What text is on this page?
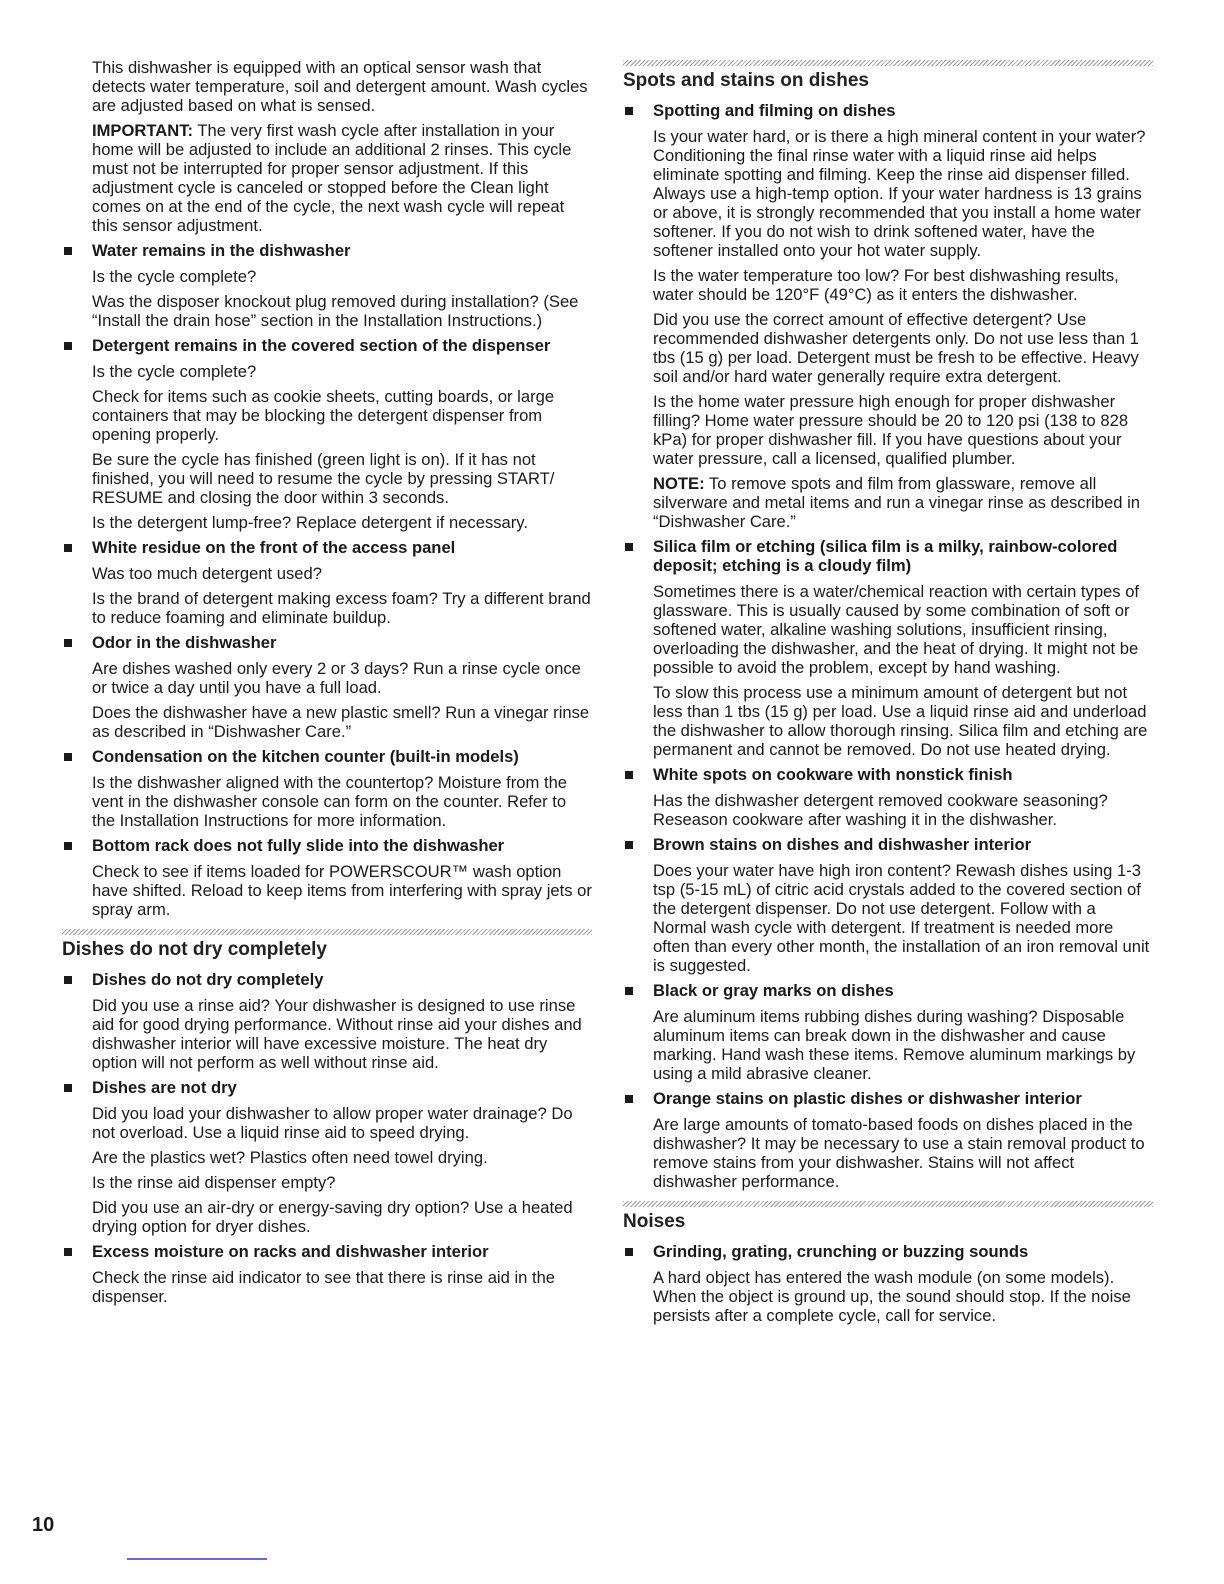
This dishwasher is equipped with an optical sensor wash that detects water temperature, soil and detergent amount. Wash cycles are adjusted based on what is sensed.

IMPORTANT: The very first wash cycle after installation in your home will be adjusted to include an additional 2 rinses. This cycle must not be interrupted for proper sensor adjustment. If this adjustment cycle is canceled or stopped before the Clean light comes on at the end of the cycle, the next wash cycle will repeat this sensor adjustment.

Water remains in the dishwasher

Is the cycle complete?

Was the disposer knockout plug removed during installation? (See “Install the drain hose” section in the Installation Instructions.)

Detergent remains in the covered section of the dispenser

Is the cycle complete?

Check for items such as cookie sheets, cutting boards, or large containers that may be blocking the detergent dispenser from opening properly.

Be sure the cycle has finished (green light is on). If it has not finished, you will need to resume the cycle by pressing START/ RESUME and closing the door within 3 seconds.

Is the detergent lump-free? Replace detergent if necessary.

White residue on the front of the access panel

Was too much detergent used?

Is the brand of detergent making excess foam? Try a different brand to reduce foaming and eliminate buildup.

Odor in the dishwasher

Are dishes washed only every 2 or 3 days? Run a rinse cycle once or twice a day until you have a full load.

Does the dishwasher have a new plastic smell? Run a vinegar rinse as described in “Dishwasher Care.”

Condensation on the kitchen counter (built-in models)

Is the dishwasher aligned with the countertop? Moisture from the vent in the dishwasher console can form on the counter. Refer to the Installation Instructions for more information.

Bottom rack does not fully slide into the dishwasher

Check to see if items loaded for POWERSCOUR™ wash option have shifted. Reload to keep items from interfering with spray jets or spray arm.

Dishes do not dry completely

Dishes do not dry completely

Did you use a rinse aid? Your dishwasher is designed to use rinse aid for good drying performance. Without rinse aid your dishes and dishwasher interior will have excessive moisture. The heat dry option will not perform as well without rinse aid.

Dishes are not dry

Did you load your dishwasher to allow proper water drainage? Do not overload. Use a liquid rinse aid to speed drying.

Are the plastics wet? Plastics often need towel drying.

Is the rinse aid dispenser empty?

Did you use an air-dry or energy-saving dry option? Use a heated drying option for dryer dishes.

Excess moisture on racks and dishwasher interior

Check the rinse aid indicator to see that there is rinse aid in the dispenser.

Spots and stains on dishes

Spotting and filming on dishes

Is your water hard, or is there a high mineral content in your water? Conditioning the final rinse water with a liquid rinse aid helps eliminate spotting and filming. Keep the rinse aid dispenser filled. Always use a high-temp option. If your water hardness is 13 grains or above, it is strongly recommended that you install a home water softener. If you do not wish to drink softened water, have the softener installed onto your hot water supply.

Is the water temperature too low? For best dishwashing results, water should be 120°F (49°C) as it enters the dishwasher.

Did you use the correct amount of effective detergent? Use recommended dishwasher detergents only. Do not use less than 1 tbs (15 g) per load. Detergent must be fresh to be effective. Heavy soil and/or hard water generally require extra detergent.

Is the home water pressure high enough for proper dishwasher filling? Home water pressure should be 20 to 120 psi (138 to 828 kPa) for proper dishwasher fill. If you have questions about your water pressure, call a licensed, qualified plumber.

NOTE: To remove spots and film from glassware, remove all silverware and metal items and run a vinegar rinse as described in “Dishwasher Care.”

Silica film or etching (silica film is a milky, rainbow-colored deposit; etching is a cloudy film)

Sometimes there is a water/chemical reaction with certain types of glassware. This is usually caused by some combination of soft or softened water, alkaline washing solutions, insufficient rinsing, overloading the dishwasher, and the heat of drying. It might not be possible to avoid the problem, except by hand washing.

To slow this process use a minimum amount of detergent but not less than 1 tbs (15 g) per load. Use a liquid rinse aid and underload the dishwasher to allow thorough rinsing. Silica film and etching are permanent and cannot be removed. Do not use heated drying.

White spots on cookware with nonstick finish

Has the dishwasher detergent removed cookware seasoning? Reseason cookware after washing it in the dishwasher.

Brown stains on dishes and dishwasher interior

Does your water have high iron content? Rewash dishes using 1-3 tsp (5-15 mL) of citric acid crystals added to the covered section of the detergent dispenser. Do not use detergent. Follow with a Normal wash cycle with detergent. If treatment is needed more often than every other month, the installation of an iron removal unit is suggested.

Black or gray marks on dishes

Are aluminum items rubbing dishes during washing? Disposable aluminum items can break down in the dishwasher and cause marking. Hand wash these items. Remove aluminum markings by using a mild abrasive cleaner.

Orange stains on plastic dishes or dishwasher interior

Are large amounts of tomato-based foods on dishes placed in the dishwasher? It may be necessary to use a stain removal product to remove stains from your dishwasher. Stains will not affect dishwasher performance.

Noises

Grinding, grating, crunching or buzzing sounds

A hard object has entered the wash module (on some models). When the object is ground up, the sound should stop. If the noise persists after a complete cycle, call for service.

10
